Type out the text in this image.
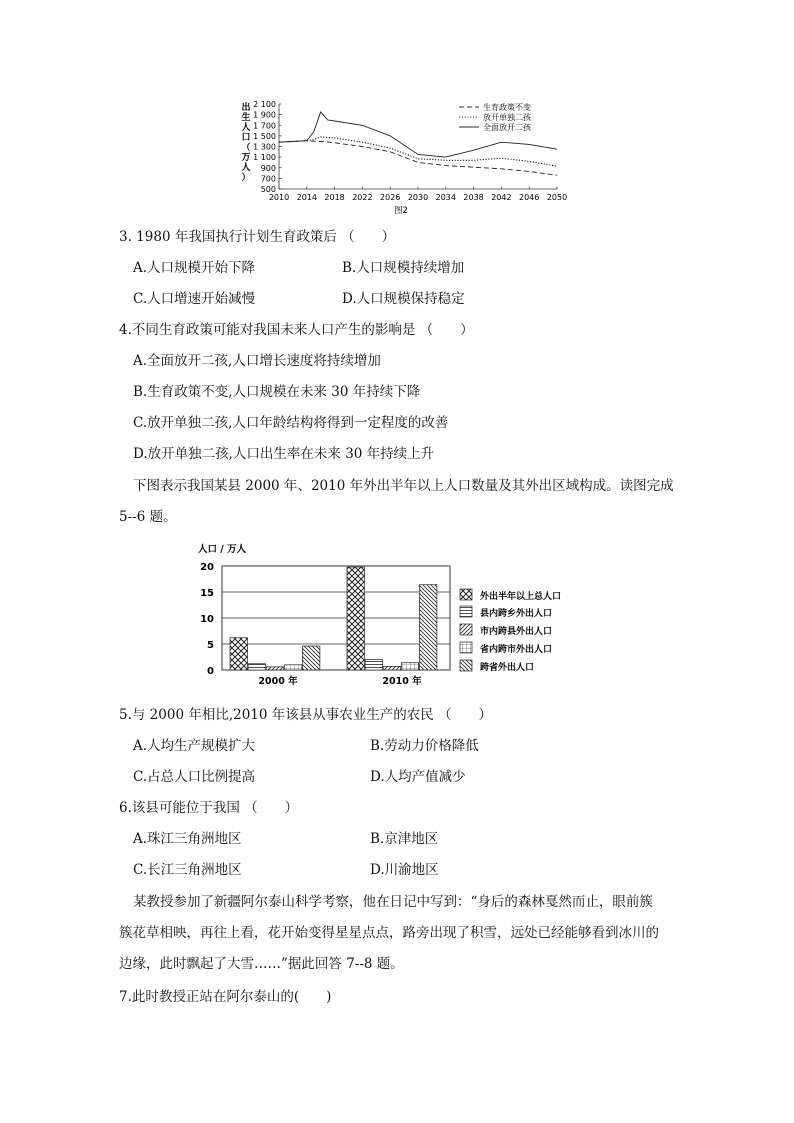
出生人口（万人）
2 100
1 900
1 700
1 500
1 300
1 100
900
700
500
2010 2014 2018 2022 2026 2030 2034 2038 2042 2046 2050
生育政策不变
放开单独二孩
全面放开二孩
图2
3. 1980 年我国执行计划生育政策后 （　　）
A.人口规模开始下降	B.人口规模持续增加
C.人口增速开始减慢	D.人口规模保持稳定
4.不同生育政策可能对我国未来人口产生的影响是 （　　）
A.全面放开二孩,人口增长速度将持续增加
B.生育政策不变,人口规模在未来 30 年持续下降
C.放开单独二孩,人口年龄结构将得到一定程度的改善
D.放开单独二孩,人口出生率在未来 30 年持续上升
下图表示我国某县 2000 年、2010 年外出半年以上人口数量及其外出区域构成。读图完成
5--6 题。
人口 / 万人
20
15
10
5
0
2000 年	2010 年
外出半年以上总人口
县内跨乡外出人口
市内跨县外出人口
省内跨市外出人口
跨省外出人口
5.与 2000 年相比,2010 年该县从事农业生产的农民 （　　）
A.人均生产规模扩大	B.劳动力价格降低
C.占总人口比例提高	D.人均产值减少
6.该县可能位于我国 （　　）
A.珠江三角洲地区	B.京津地区
C.长江三角洲地区	D.川渝地区
某教授参加了新疆阿尔泰山科学考察，他在日记中写到：“身后的森林戛然而止，眼前簇
簇花草相映，再往上看，花开始变得星星点点，路旁出现了积雪，远处已经能够看到冰川的
边缘，此时飘起了大雪……”据此回答 7--8 题。
7.此时教授正站在阿尔泰山的(　　)
